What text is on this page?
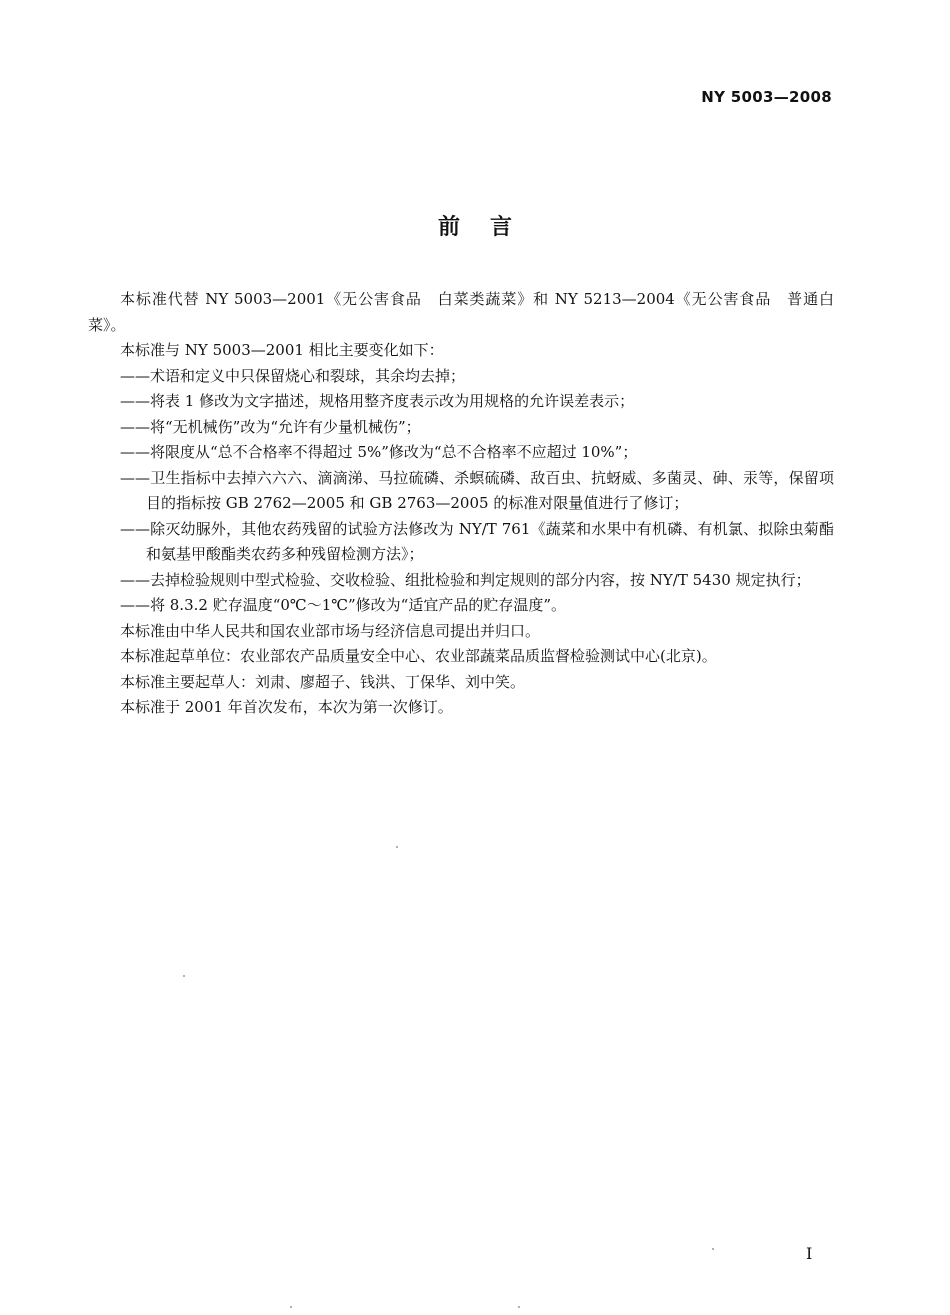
NY 5003—2008
前言

本标准代替 NY 5003—2001《无公害食品　白菜类蔬菜》和 NY 5213—2004《无公害食品　普通白菜》。

本标准与 NY 5003—2001 相比主要变化如下：

——术语和定义中只保留烧心和裂球，其余均去掉；

——将表 1 修改为文字描述，规格用整齐度表示改为用规格的允许误差表示；

——将“无机械伤”改为“允许有少量机械伤”；

——将限度从“总不合格率不得超过 5%”修改为“总不合格率不应超过 10%”；

——卫生指标中去掉六六六、滴滴涕、马拉硫磷、杀螟硫磷、敌百虫、抗蚜威、多菌灵、砷、汞等，保留项目的指标按 GB 2762—2005 和 GB 2763—2005 的标准对限量值进行了修订；

——除灭幼脲外，其他农药残留的试验方法修改为 NY/T 761《蔬菜和水果中有机磷、有机氯、拟除虫菊酯和氨基甲酸酯类农药多种残留检测方法》；

——去掉检验规则中型式检验、交收检验、组批检验和判定规则的部分内容，按 NY/T 5430 规定执行；

——将 8.3.2 贮存温度“0℃～1℃”修改为“适宜产品的贮存温度”。

本标准由中华人民共和国农业部市场与经济信息司提出并归口。

本标准起草单位：农业部农产品质量安全中心、农业部蔬菜品质监督检验测试中心(北京)。

本标准主要起草人：刘肃、廖超子、钱洪、丁保华、刘中笑。

本标准于 2001 年首次发布，本次为第一次修订。

I
